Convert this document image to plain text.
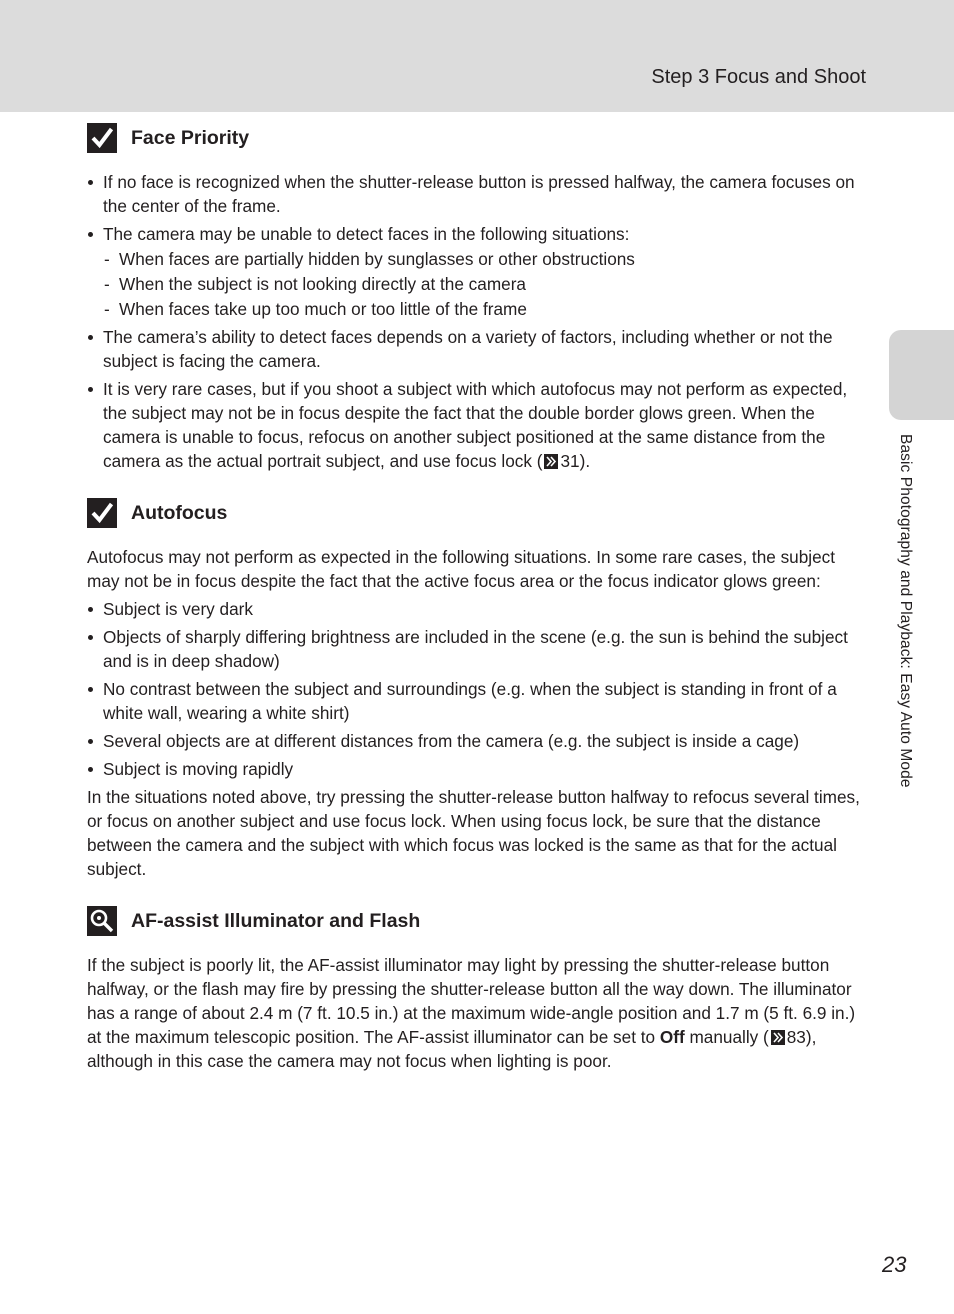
Step 3 Focus and Shoot
Basic Photography and Playback: Easy Auto Mode
Face Priority
If no face is recognized when the shutter-release button is pressed halfway, the camera focuses on the center of the frame.
The camera may be unable to detect faces in the following situations:
- When faces are partially hidden by sunglasses or other obstructions
- When the subject is not looking directly at the camera
- When faces take up too much or too little of the frame
The camera’s ability to detect faces depends on a variety of factors, including whether or not the subject is facing the camera.
It is very rare cases, but if you shoot a subject with which autofocus may not perform as expected, the subject may not be in focus despite the fact that the double border glows green. When the camera is unable to focus, refocus on another subject positioned at the same distance from the camera as the actual portrait subject, and use focus lock ( 31).
Autofocus

Autofocus may not perform as expected in the following situations. In some rare cases, the subject may not be in focus despite the fact that the active focus area or the focus indicator glows green:

Subject is very dark
Objects of sharply differing brightness are included in the scene (e.g. the sun is behind the subject and is in deep shadow)
No contrast between the subject and surroundings (e.g. when the subject is standing in front of a white wall, wearing a white shirt)
Several objects are at different distances from the camera (e.g. the subject is inside a cage)
Subject is moving rapidly

In the situations noted above, try pressing the shutter-release button halfway to refocus several times, or focus on another subject and use focus lock. When using focus lock, be sure that the distance between the camera and the subject with which focus was locked is the same as that for the actual subject.

AF-assist Illuminator and Flash

If the subject is poorly lit, the AF-assist illuminator may light by pressing the shutter-release button halfway, or the flash may fire by pressing the shutter-release button all the way down. The illuminator has a range of about 2.4 m (7 ft. 10.5 in.) at the maximum wide-angle position and 1.7 m (5 ft. 6.9 in.) at the maximum telescopic position. The AF-assist illuminator can be set to Off manually ( 83), although in this case the camera may not focus when lighting is poor.

23
